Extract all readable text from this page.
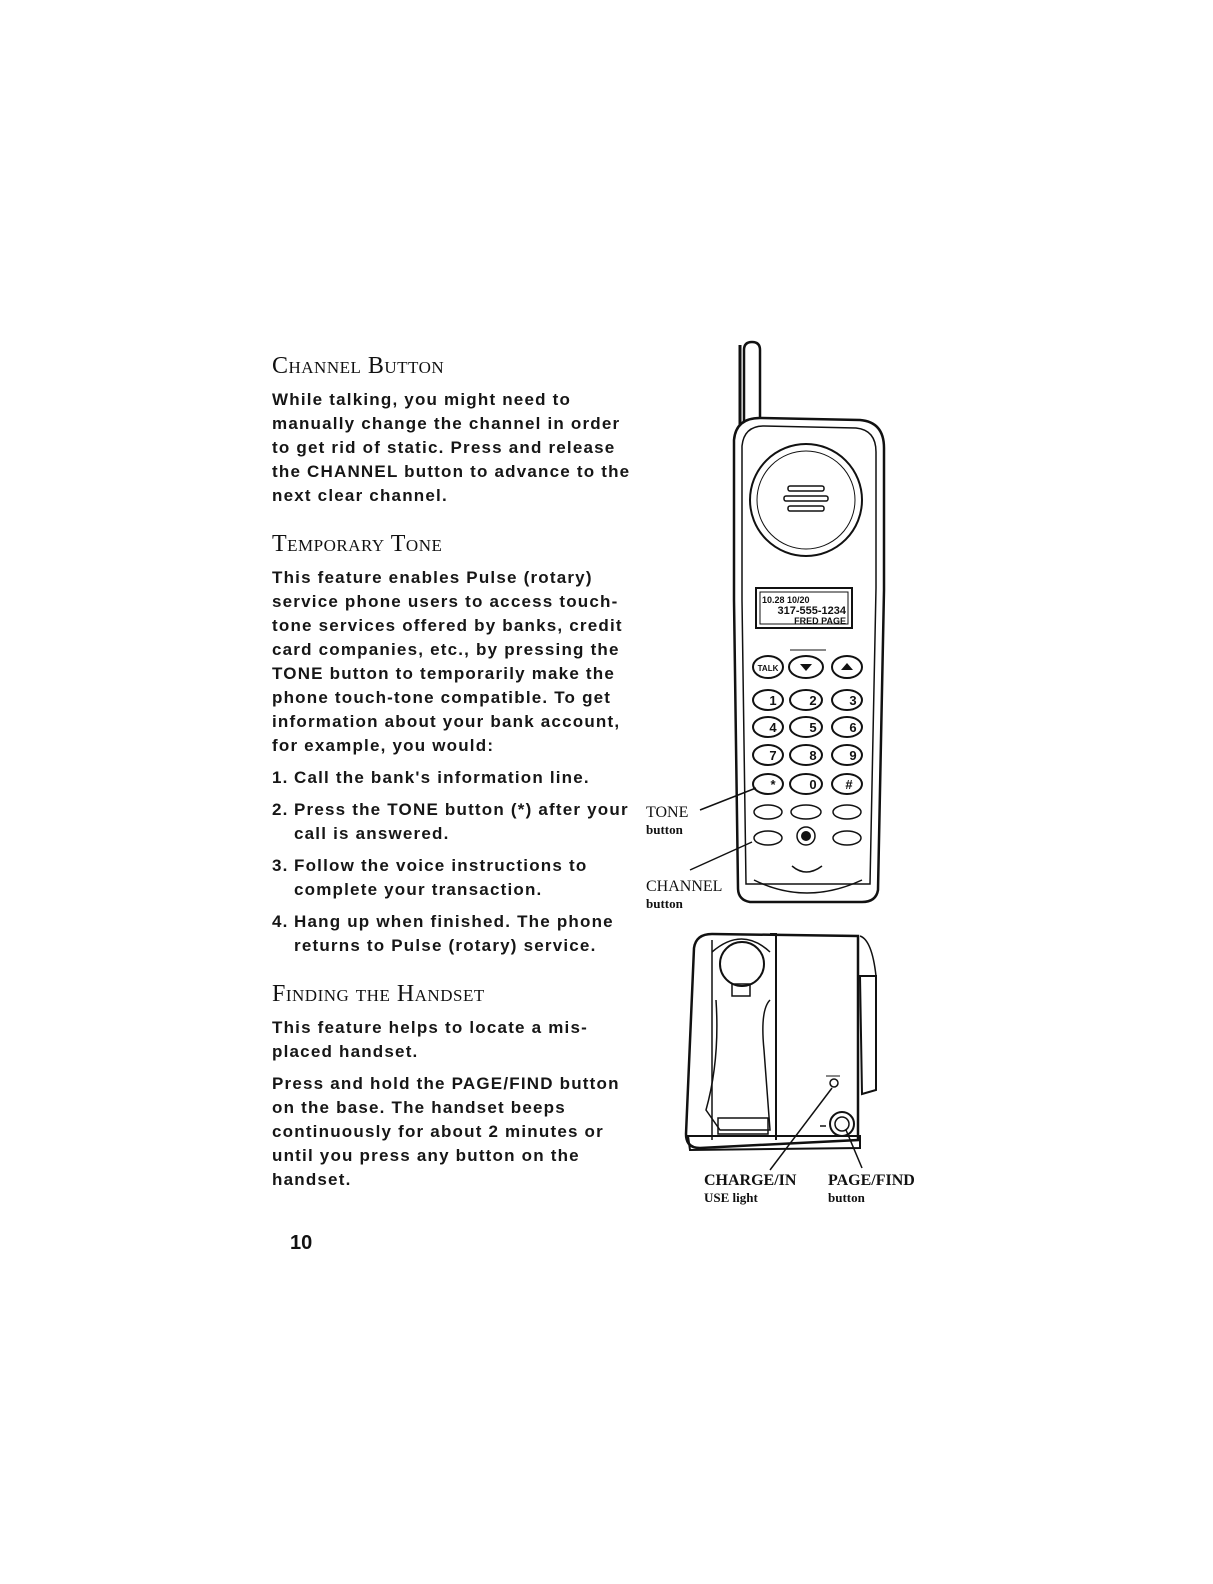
TALK
1	2	3
4	5	6
7	8	9
*	0 #
10.28 10/20
317-555-1234
FRED PAGE
TONE
button
CHANNEL
button
CHARGE/IN
USE light
PAGE/FIND
button
Channel Button

While talking, you might need to manually change the channel in order to get rid of static. Press and release the CHANNEL button to advance to the next clear channel.

Temporary Tone

This feature enables Pulse (rotary) service phone users to access touch-tone services offered by banks, credit card companies, etc., by pressing the TONE button to temporarily make the phone touch-tone compatible. To get information about your bank account, for example, you would:

1. Call the bank's information line.
2. Press the TONE button (*) after your call is answered.
3. Follow the voice instructions to complete your transaction.
4. Hang up when finished. The phone returns to Pulse (rotary) service.
Finding the Handset

This feature helps to locate a mis-placed handset.

Press and hold the PAGE/FIND button on the base. The handset beeps continuously for about 2 minutes or until you press any button on the handset.

10
